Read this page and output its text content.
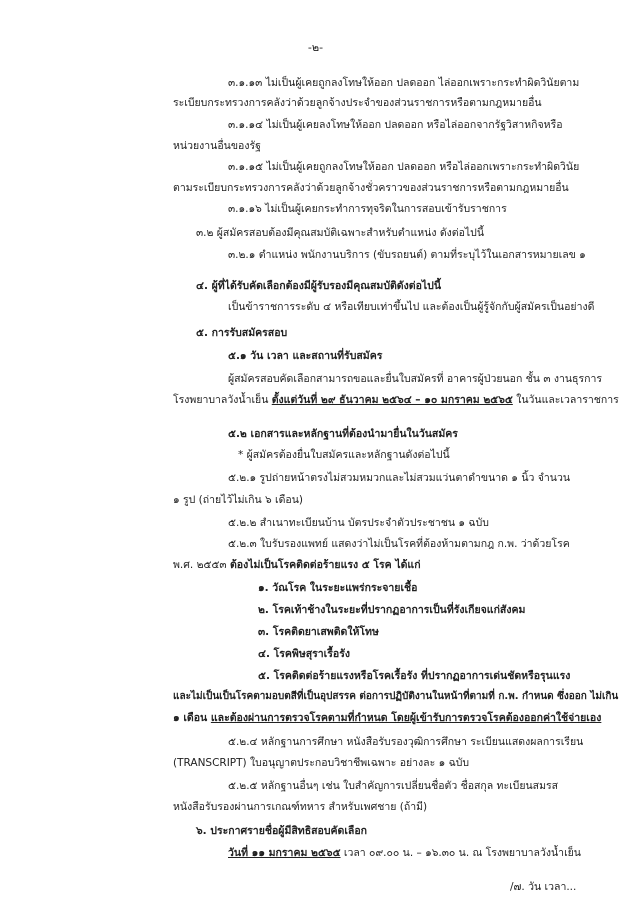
-๒-
๓.๑.๑๓ ไม่เป็นผู้เคยถูกลงโทษให้ออก ปลดออก ไล่ออกเพราะกระทำผิดวินัยตาม
ระเบียบกระทรวงการคลังว่าด้วยลูกจ้างประจำของส่วนราชการหรือตามกฎหมายอื่น
๓.๑.๑๔ ไม่เป็นผู้เคยลงโทษให้ออก ปลดออก หรือไล่ออกจากรัฐวิสาหกิจหรือ
หน่วยงานอื่นของรัฐ
๓.๑.๑๕ ไม่เป็นผู้เคยถูกลงโทษให้ออก ปลดออก หรือไล่ออกเพราะกระทำผิดวินัย
ตามระเบียบกระทรวงการคลังว่าด้วยลูกจ้างชั่วคราวของส่วนราชการหรือตามกฎหมายอื่น
๓.๑.๑๖ ไม่เป็นผู้เคยกระทำการทุจริตในการสอบเข้ารับราชการ
๓.๒ ผู้สมัครสอบต้องมีคุณสมบัติเฉพาะสำหรับตำแหน่ง ดังต่อไปนี้
๓.๒.๑ ตำแหน่ง พนักงานบริการ (ขับรถยนต์) ตามที่ระบุไว้ในเอกสารหมายเลข ๑
๔. ผู้ที่ได้รับคัดเลือกต้องมีผู้รับรองมีคุณสมบัติดังต่อไปนี้
เป็นข้าราชการระดับ ๔ หรือเทียบเท่าขึ้นไป และต้องเป็นผู้รู้จักกับผู้สมัครเป็นอย่างดี
๕. การรับสมัครสอบ
๕.๑ วัน เวลา และสถานที่รับสมัคร
ผู้สมัครสอบคัดเลือกสามารถขอและยื่นใบสมัครที่ อาคารผู้ป่วยนอก ชั้น ๓ งานธุรการ
โรงพยาบาลวังน้ำเย็น ตั้งแต่วันที่ ๒๙ ธันวาคม ๒๕๖๔ – ๑๐ มกราคม ๒๕๖๕ ในวันและเวลาราชการ
๕.๒ เอกสารและหลักฐานที่ต้องนำมายื่นในวันสมัคร
* ผู้สมัครต้องยื่นใบสมัครและหลักฐานดังต่อไปนี้
๕.๒.๑ รูปถ่ายหน้าตรงไม่สวมหมวกและไม่สวมแว่นตาดำขนาด ๑ นิ้ว จำนวน
๑ รูป (ถ่ายไว้ไม่เกิน ๖ เดือน)
๕.๒.๒ สำเนาทะเบียนบ้าน บัตรประจำตัวประชาชน ๑ ฉบับ
๕.๒.๓ ใบรับรองแพทย์ แสดงว่าไม่เป็นโรคที่ต้องห้ามตามกฎ ก.พ. ว่าด้วยโรค
พ.ศ. ๒๕๕๓ ต้องไม่เป็นโรคติดต่อร้ายแรง ๕ โรค ได้แก่
๑. วัณโรค ในระยะแพร่กระจายเชื้อ
๒. โรคเท้าช้างในระยะที่ปรากฏอาการเป็นที่รังเกียจแก่สังคม
๓. โรคติดยาเสพติดให้โทษ
๔. โรคพิษสุราเรื้อรัง
๕. โรคติดต่อร้ายแรงหรือโรคเรื้อรัง ที่ปรากฏอาการเด่นชัดหรือรุนแรง
และไม่เป็นเป็นโรคตามอบตสีที่เป็นอุปสรรค ต่อการปฏิบัติงานในหน้าที่ตามที่ ก.พ. กำหนด ซึ่งออก ไม่เกิน
๑ เดือน และต้องผ่านการตรวจโรคตามที่กำหนด โดยผู้เข้ารับการตรวจโรคต้องออกค่าใช้จ่ายเอง
๕.๒.๔ หลักฐานการศึกษา หนังสือรับรองวุฒิการศึกษา ระเบียนแสดงผลการเรียน
(TRANSCRIPT) ใบอนุญาตประกอบวิชาชีพเฉพาะ อย่างละ ๑ ฉบับ
๕.๒.๕ หลักฐานอื่นๆ เช่น ใบสำคัญการเปลี่ยนชื่อตัว ชื่อสกุล ทะเบียนสมรส
หนังสือรับรองผ่านการเกณฑ์ทหาร สำหรับเพศชาย (ถ้ามี)
๖. ประกาศรายชื่อผู้มีสิทธิสอบคัดเลือก
วันที่ ๑๑ มกราคม ๒๕๖๕ เวลา ๐๙.๐๐ น. – ๑๖.๓๐ น. ณ โรงพยาบาลวังน้ำเย็น
/๗. วัน เวลา...
